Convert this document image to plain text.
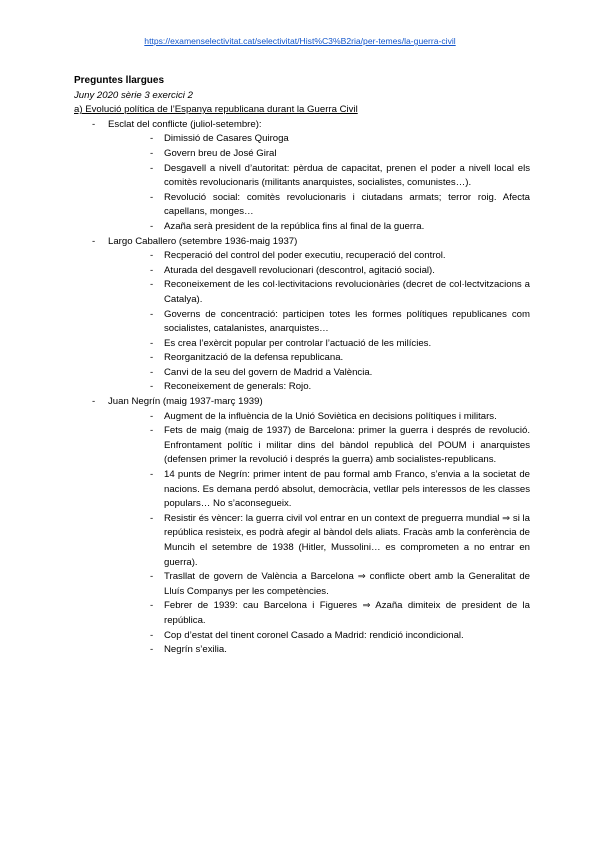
https://examenselectivitat.cat/selectivitat/Hist%C3%B2ria/per-temes/la-guerra-civil

Preguntes llargues

Juny 2020 sèrie 3 exercici 2

a) Evolució política de l’Espanya republicana durant la Guerra Civil

- Esclat del conflicte (juliol-setembre):
- Dimissió de Casares Quiroga
- Govern breu de José Giral
- Desgavell a nivell d’autoritat: pèrdua de capacitat, prenen el poder a nivell local els comitès revolucionaris (militants anarquistes, socialistes, comunistes…).
- Revolució social: comitès revolucionaris i ciutadans armats; terror roig. Afecta capellans, monges…
- Azaña serà president de la república fins al final de la guerra.
- Largo Caballero (setembre 1936-maig 1937)
- Recperació del control del poder executiu, recuperació del control.
- Aturada del desgavell revolucionari (descontrol, agitació social).
- Reconeixement de les col·lectivitacions revolucionàries (decret de col·lectvitzacions a Catalya).
- Governs de concentració: participen totes les formes polítiques republicanes com socialistes, catalanistes, anarquistes…
- Es crea l’exèrcit popular per controlar l’actuació de les milícies.
- Reorganització de la defensa republicana.
- Canvi de la seu del govern de Madrid a València.
- Reconeixement de generals: Rojo.
- Juan Negrín (maig 1937-març 1939)
- Augment de la influència de la Unió Soviètica en decisions polítiques i militars.
- Fets de maig (maig de 1937) de Barcelona: primer la guerra i després de revolució. Enfrontament polític i militar dins del bàndol republicà del POUM i anarquistes (defensen primer la revolució i després la guerra) amb socialistes-republicans.
- 14 punts de Negrín: primer intent de pau formal amb Franco, s’envia a la societat de nacions. Es demana perdó absolut, democràcia, vetllar pels interessos de les classes populars… No s’aconsegueix.
- Resistir és vèncer: la guerra civil vol entrar en un context de preguerra mundial ⇒ si la república resisteix, es podrà afegir al bàndol dels aliats. Fracàs amb la conferència de Muncih el setembre de 1938 (Hitler, Mussolini… es comprometen a no entrar en guerra).
- Trasllat de govern de València a Barcelona ⇒ conflicte obert amb la Generalitat de Lluís Companys per les competències.
- Febrer de 1939: cau Barcelona i Figueres ⇒ Azaña dimiteix de president de la república.
- Cop d’estat del tinent coronel Casado a Madrid: rendició incondicional.
- Negrín s’exilia.
